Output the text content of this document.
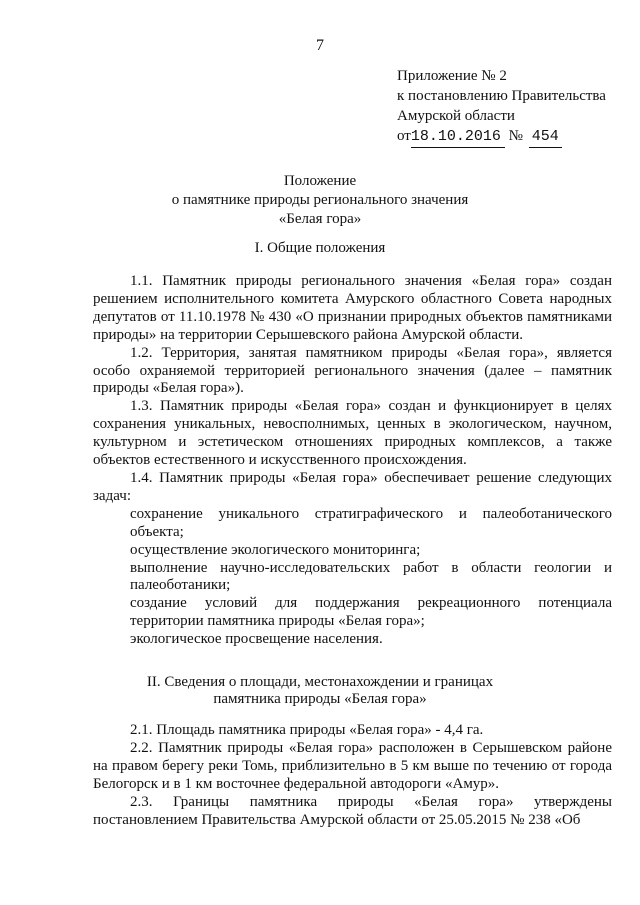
7
Приложение № 2
к постановлению Правительства
Амурской области
от18.10.2016 № 454
Положение
о памятнике природы регионального значения
«Белая гора»
I. Общие положения

1.1. Памятник природы регионального значения «Белая гора» создан решением исполнительного комитета Амурского областного Совета народных депутатов от 11.10.1978 № 430 «О признании природных объектов памятниками природы» на территории Серышевского района Амурской области.

1.2. Территория, занятая памятником природы «Белая гора», является особо охраняемой территорией регионального значения (далее – памятник природы «Белая гора»).

1.3. Памятник природы «Белая гора» создан и функционирует в целях сохранения уникальных, невосполнимых, ценных в экологическом, научном, культурном и эстетическом отношениях природных комплексов, а также объектов естественного и искусственного происхождения.

1.4. Памятник природы «Белая гора» обеспечивает решение следующих задач:

сохранение уникального стратиграфического и палеоботанического объекта;

осуществление экологического мониторинга;

выполнение научно-исследовательских работ в области геологии и палеоботаники;

создание условий для поддержания рекреационного потенциала территории памятника природы «Белая гора»;

экологическое просвещение населения.

II. Сведения о площади, местонахождении и границах
памятника природы «Белая гора»

2.1. Площадь памятника природы «Белая гора» - 4,4 га.

2.2. Памятник природы «Белая гора» расположен в Серышевском районе на правом берегу реки Томь, приблизительно в 5 км выше по течению от города Белогорск и в 1 км восточнее федеральной автодороги «Амур».

2.3. Границы памятника природы «Белая гора» утверждены постановлением Правительства Амурской области от 25.05.2015 № 238 «Об
